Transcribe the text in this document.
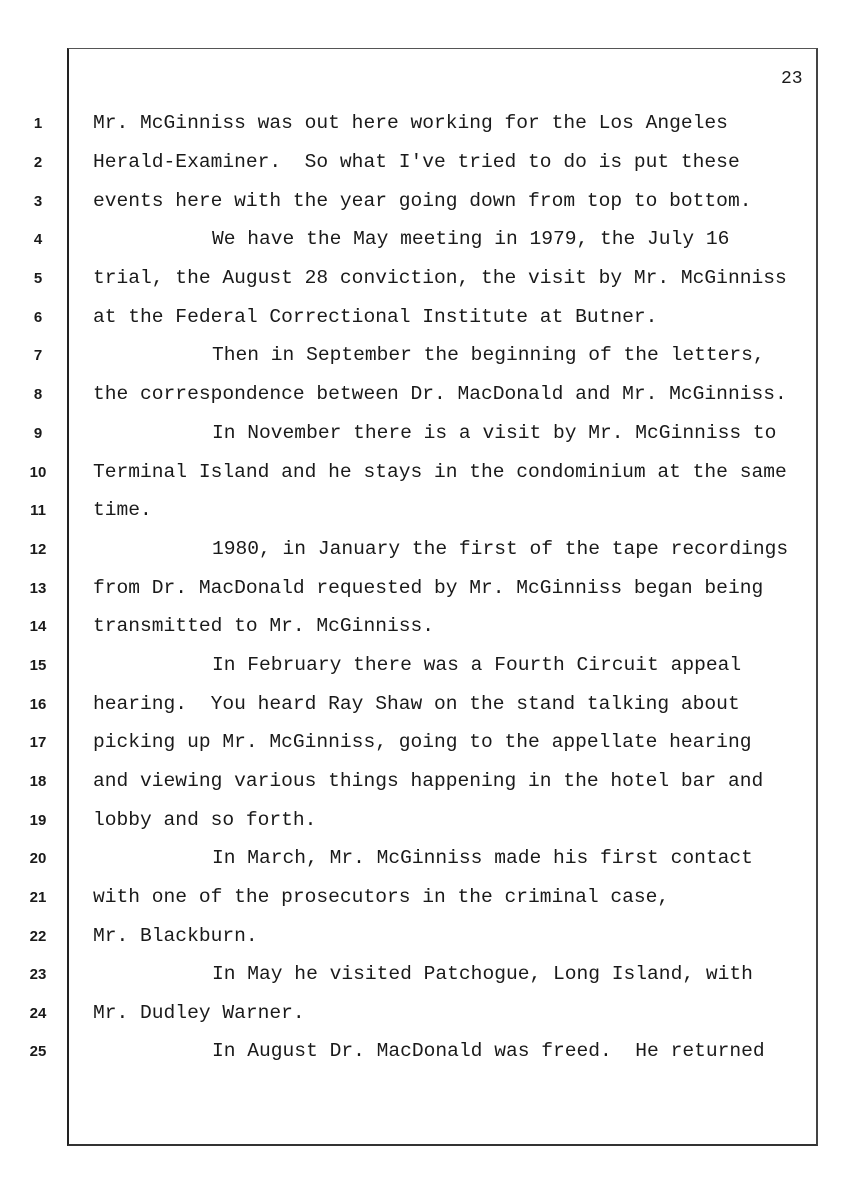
23
1
2
3
4
5
6
7
8
9
10
11
12
13
14
15
16
17
18
19
20
21
22
23
24
25
Mr. McGinniss was out here working for the Los Angeles
Herald-Examiner.  So what I've tried to do is put these
events here with the year going down from top to bottom.
We have the May meeting in 1979, the July 16
trial, the August 28 conviction, the visit by Mr. McGinniss
at the Federal Correctional Institute at Butner.
Then in September the beginning of the letters,
the correspondence between Dr. MacDonald and Mr. McGinniss.
In November there is a visit by Mr. McGinniss to
Terminal Island and he stays in the condominium at the same
time.
1980, in January the first of the tape recordings
from Dr. MacDonald requested by Mr. McGinniss began being
transmitted to Mr. McGinniss.
In February there was a Fourth Circuit appeal
hearing.  You heard Ray Shaw on the stand talking about
picking up Mr. McGinniss, going to the appellate hearing
and viewing various things happening in the hotel bar and
lobby and so forth.
In March, Mr. McGinniss made his first contact
with one of the prosecutors in the criminal case,
Mr. Blackburn.
In May he visited Patchogue, Long Island, with
Mr. Dudley Warner.
In August Dr. MacDonald was freed.  He returned
